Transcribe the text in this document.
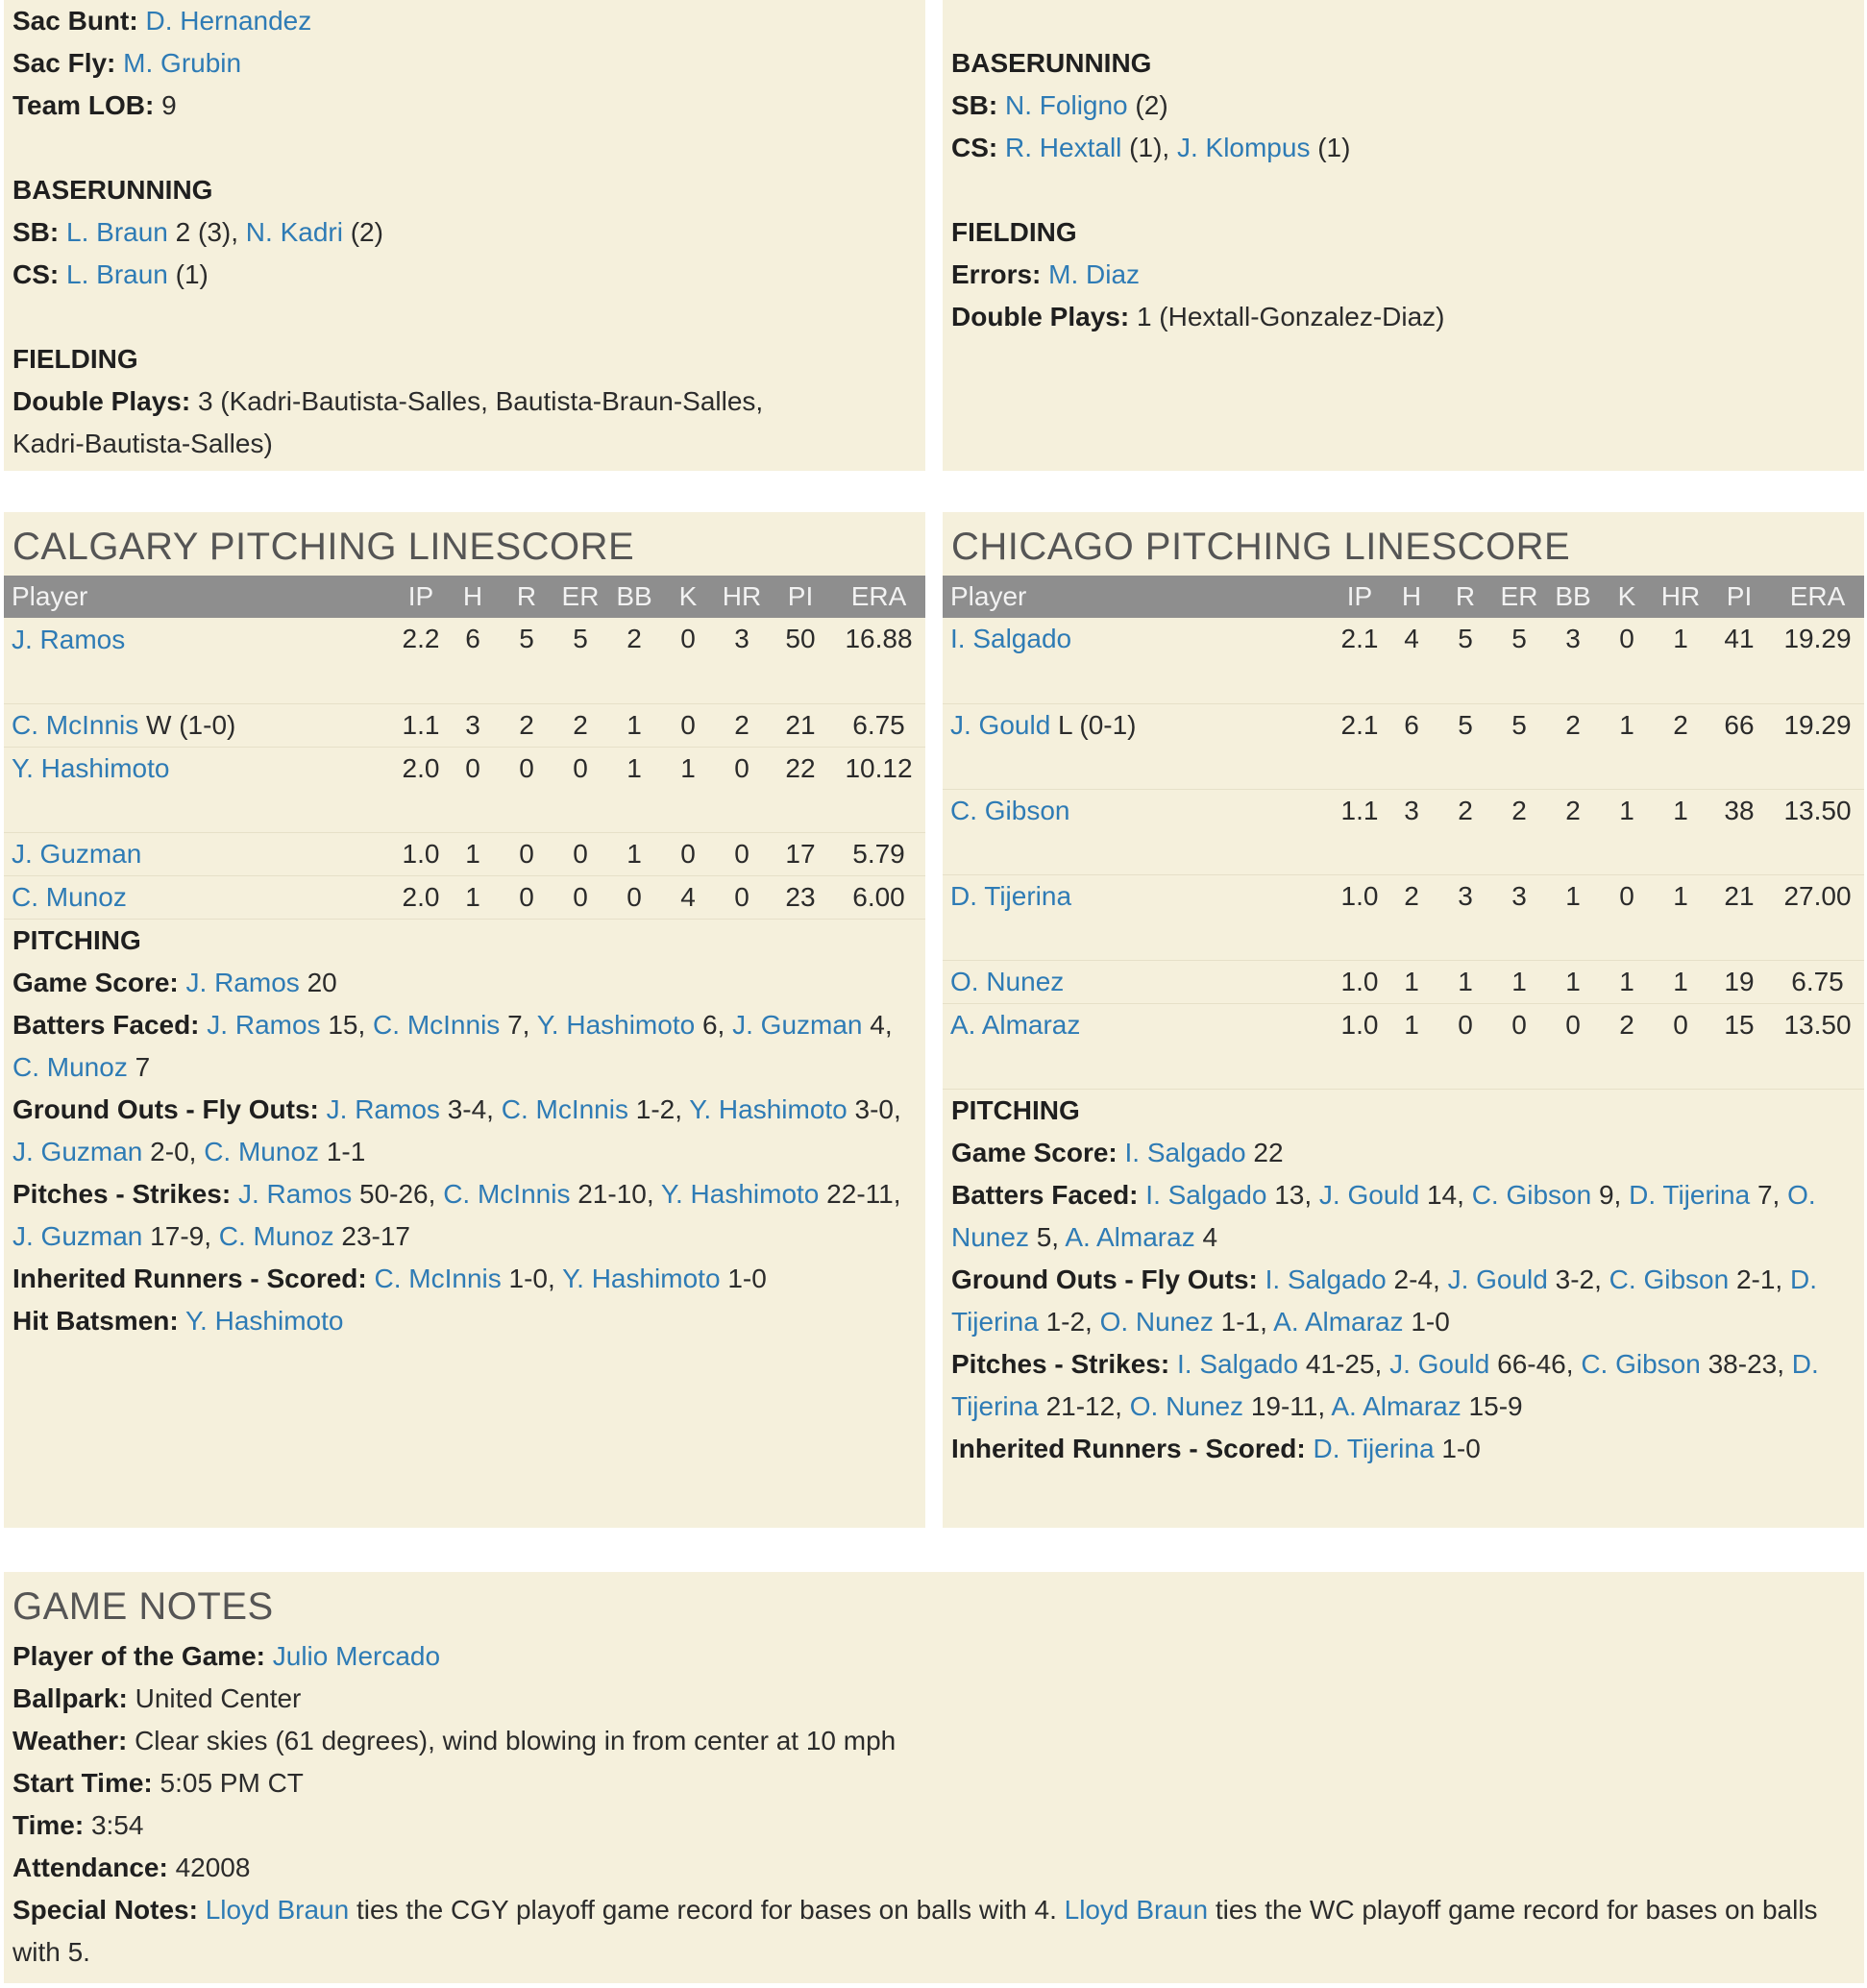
Sac Bunt: D. Hernandez
Sac Fly: M. Grubin
Team LOB: 9
BASERUNNING
SB: L. Braun 2 (3), N. Kadri (2)
CS: L. Braun (1)
FIELDING
Double Plays: 3 (Kadri-Bautista-Salles, Bautista-Braun-Salles,
Kadri-Bautista-Salles)
BASERUNNING
SB: N. Foligno (2)
CS: R. Hextall (1), J. Klompus (1)
FIELDING
Errors: M. Diaz
Double Plays: 1 (Hextall-Gonzalez-Diaz)
CALGARY PITCHING LINESCORE
Player	IP	H	R	ER	BB	K	HR	PI	ERA
J. Ramos	2.2	6	5	5	2	0	3	50	16.88
C. McInnis W (1-0)	1.1	3	2	2	1	0	2	21	6.75
Y. Hashimoto	2.0	0	0	0	1	1	0	22	10.12
J. Guzman	1.0	1	0	0	1	0	0	17	5.79
C. Munoz	2.0	1	0	0	0	4	0	23	6.00
PITCHING
Game Score: J. Ramos 20
Batters Faced: J. Ramos 15, C. McInnis 7, Y. Hashimoto 6, J. Guzman 4, C. Munoz 7
Ground Outs - Fly Outs: J. Ramos 3-4, C. McInnis 1-2, Y. Hashimoto 3-0, J. Guzman 2-0, C. Munoz 1-1
Pitches - Strikes: J. Ramos 50-26, C. McInnis 21-10, Y. Hashimoto 22-11, J. Guzman 17-9, C. Munoz 23-17
Inherited Runners - Scored: C. McInnis 1-0, Y. Hashimoto 1-0
Hit Batsmen: Y. Hashimoto
CHICAGO PITCHING LINESCORE
Player	IP	H	R	ER	BB	K	HR	PI	ERA
I. Salgado	2.1	4	5	5	3	0	1	41	19.29
J. Gould L (0-1)	2.1	6	5	5	2	1	2	66	19.29
C. Gibson	1.1	3	2	2	2	1	1	38	13.50
D. Tijerina	1.0	2	3	3	1	0	1	21	27.00
O. Nunez	1.0	1	1	1	1	1	1	19	6.75
A. Almaraz	1.0	1	0	0	0	2	0	15	13.50
PITCHING
Game Score: I. Salgado 22
Batters Faced: I. Salgado 13, J. Gould 14, C. Gibson 9, D. Tijerina 7, O. Nunez 5, A. Almaraz 4
Ground Outs - Fly Outs: I. Salgado 2-4, J. Gould 3-2, C. Gibson 2-1, D. Tijerina 1-2, O. Nunez 1-1, A. Almaraz 1-0
Pitches - Strikes: I. Salgado 41-25, J. Gould 66-46, C. Gibson 38-23, D. Tijerina 21-12, O. Nunez 19-11, A. Almaraz 15-9
Inherited Runners - Scored: D. Tijerina 1-0
GAME NOTES
Player of the Game: Julio Mercado
Ballpark: United Center
Weather: Clear skies (61 degrees), wind blowing in from center at 10 mph
Start Time: 5:05 PM CT
Time: 3:54
Attendance: 42008
Special Notes: Lloyd Braun ties the CGY playoff game record for bases on balls with 4. Lloyd Braun ties the WC playoff game record for bases on balls with 5.
